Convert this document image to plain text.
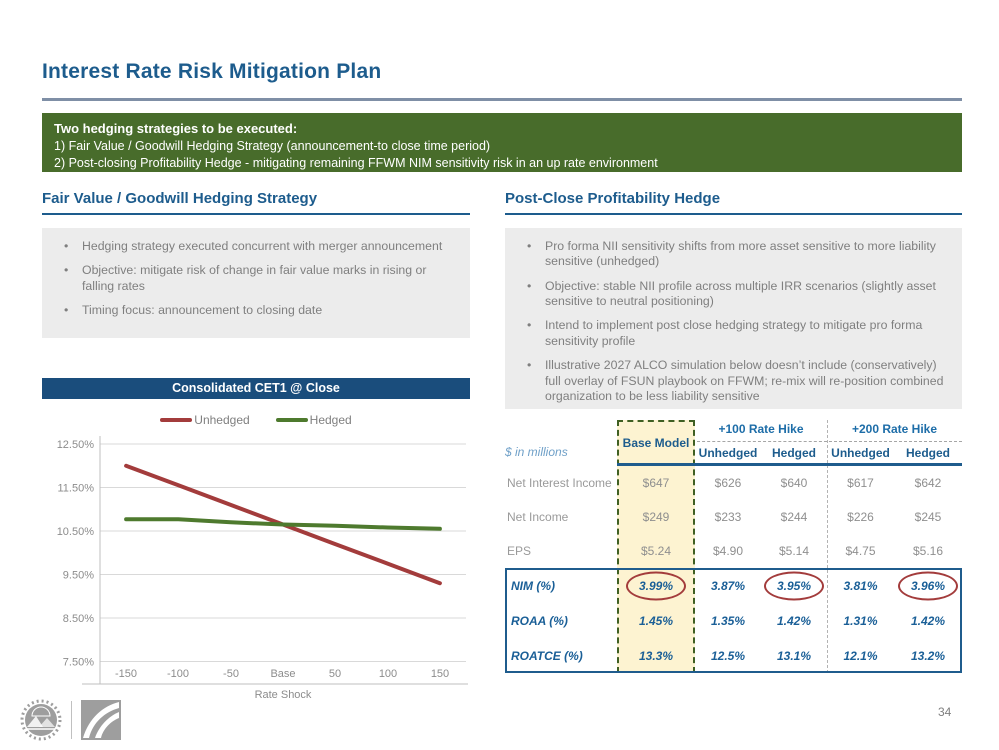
Interest Rate Risk Mitigation Plan
Two hedging strategies to be executed:
1) Fair Value / Goodwill Hedging Strategy (announcement-to close time period)
2) Post-closing Profitability Hedge - mitigating remaining FFWM NIM sensitivity risk in an up rate environment
Fair Value / Goodwill Hedging Strategy	Post-Close Profitability Hedge
• Hedging strategy executed concurrent with merger announcement
• Objective: mitigate risk of change in fair value marks in rising or falling rates
• Timing focus: announcement to closing date
• Pro forma NII sensitivity shifts from more asset sensitive to more liability sensitive (unhedged)
• Objective: stable NII profile across multiple IRR scenarios (slightly asset sensitive to neutral positioning)
• Intend to implement post close hedging strategy to mitigate pro forma sensitivity profile
• Illustrative 2027 ALCO simulation below doesn’t include (conservatively) full overlay of FSUN playbook on FFWM; re-mix will re-position combined organization to be less liability sensitive
Consolidated CET1 @ Close
Unhedged	Hedged
12.50%
11.50%
10.50%
9.50%
8.50%
7.50%
-150	-100	-50	Base	50	100	150
Rate Shock
$ in millions
Base Model
+100 Rate Hike	+200 Rate Hike
Unhedged	Hedged	Unhedged	Hedged
Net Interest Income	$647	$626	$640	$617	$642
Net Income	$249	$233	$244	$226	$245
EPS	$5.24	$4.90	$5.14	$4.75	$5.16
NIM (%)	3.99%	3.87%	3.95%	3.81%	3.96%
ROAA (%)	1.45%	1.35%	1.42%	1.31%	1.42%
ROATCE (%)	13.3%	12.5%	13.1%	12.1%	13.2%
34
